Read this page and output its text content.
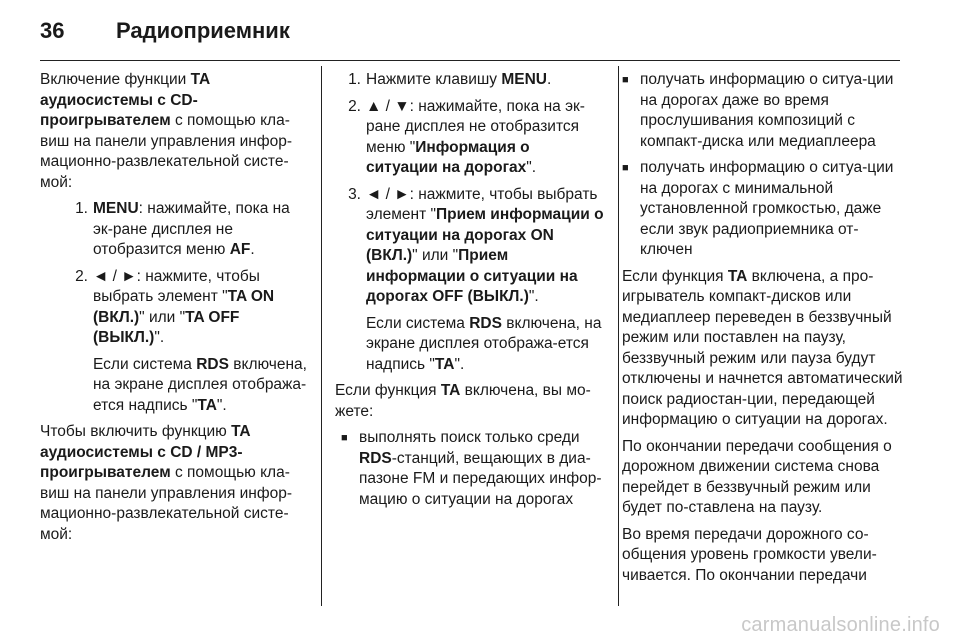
36	Радиоприемник

Включение функции TA аудиосистемы с CD-проигрывателем с помощью кла-виш на панели управления инфор-мационно-развлекательной систе-мой:

1. MENU: нажимайте, пока на эк-ране дисплея не отобразится меню AF.
2. ◄ / ►: нажмите, чтобы выбрать элемент "TA ON (ВКЛ.)" или "TA OFF (ВЫКЛ.)".

Если система RDS включена, на экране дисплея отобража-ется надпись "TA".

Чтобы включить функцию TA аудиосистемы с CD / MP3-проигрывателем с помощью кла-виш на панели управления инфор-мационно-развлекательной систе-мой:

1. Нажмите клавишу MENU.
2. ▲ / ▼: нажимайте, пока на эк-ране дисплея не отобразится меню "Информация о ситуации на дорогах".
3. ◄ / ►: нажмите, чтобы выбрать элемент "Прием информации о ситуации на дорогах ON (ВКЛ.)" или "Прием информации о ситуации на дорогах OFF (ВЫКЛ.)".

Если система RDS включена, на экране дисплея отобража-ется надпись "TA".

Если функция TA включена, вы мо-жете:

■ выполнять поиск только среди RDS-станций, вещающих в диа-пазоне FM и передающих инфор-мацию о ситуации на дорогах
■ получать информацию о ситуа-ции на дорогах даже во время прослушивания композиций с компакт-диска или медиаплеера
■ получать информацию о ситуа-ции на дорогах с минимальной установленной громкостью, даже если звук радиоприемника от-ключен

Если функция TA включена, а про-игрыватель компакт-дисков или медиаплеер переведен в беззвучный режим или поставлен на паузу, беззвучный режим или пауза будут отключены и начнется автоматический поиск радиостан-ции, передающей информацию о ситуации на дорогах.

По окончании передачи сообщения о дорожном движении система снова перейдет в беззвучный режим или будет по-ставлена на паузу.

Во время передачи дорожного со-общения уровень громкости увели-чивается. По окончании передачи

carmanualsonline.info
